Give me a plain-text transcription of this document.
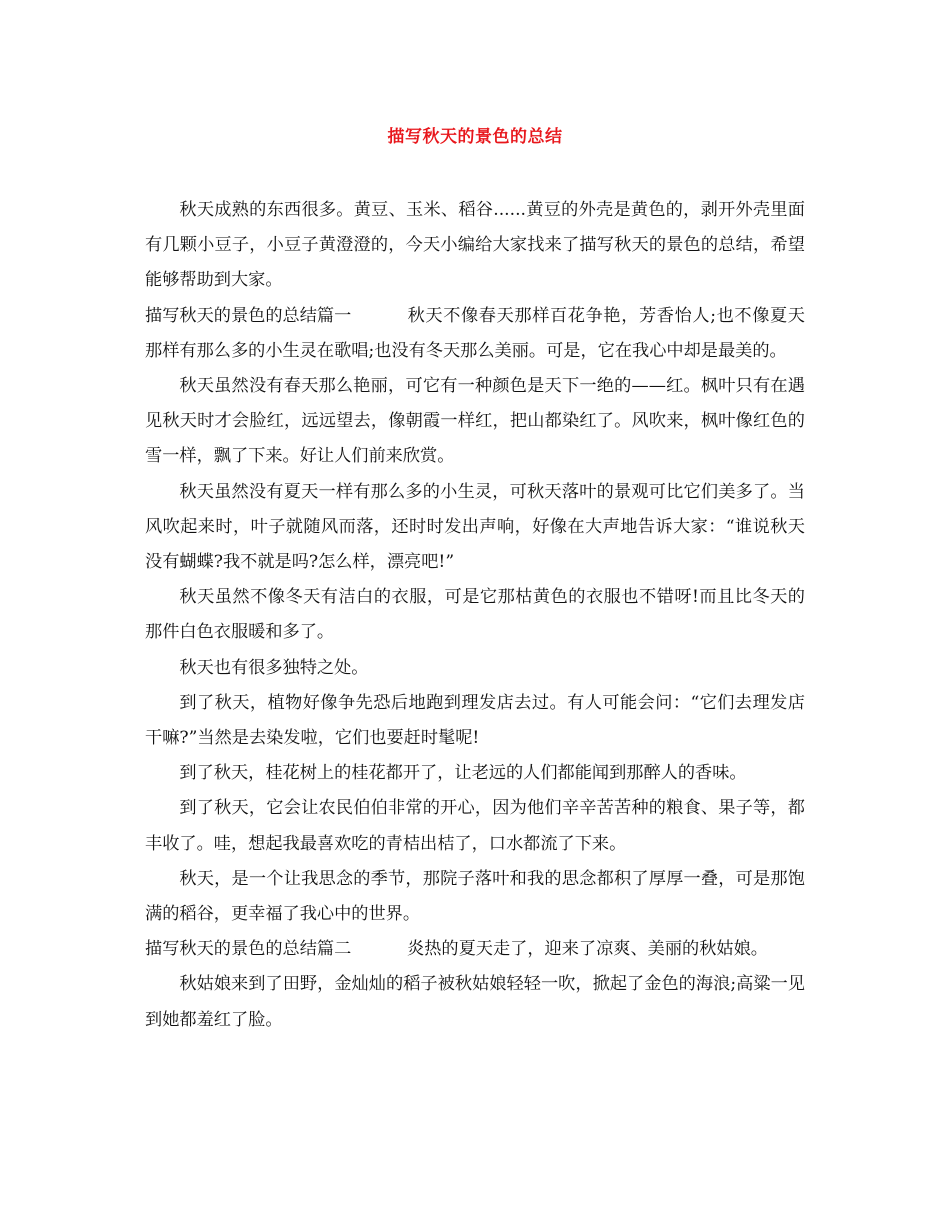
描写秋天的景色的总结

秋天成熟的东西很多。黄豆、玉米、稻谷......黄豆的外壳是黄色的，剥开外壳里面有几颗小豆子，小豆子黄澄澄的，今天小编给大家找来了描写秋天的景色的总结，希望能够帮助到大家。

描写秋天的景色的总结篇一	秋天不像春天那样百花争艳，芳香怡人;也不像夏天那样有那么多的小生灵在歌唱;也没有冬天那么美丽。可是，它在我心中却是最美的。

秋天虽然没有春天那么艳丽，可它有一种颜色是天下一绝的——红。枫叶只有在遇见秋天时才会脸红，远远望去，像朝霞一样红，把山都染红了。风吹来，枫叶像红色的雪一样，飘了下来。好让人们前来欣赏。

秋天虽然没有夏天一样有那么多的小生灵，可秋天落叶的景观可比它们美多了。当风吹起来时，叶子就随风而落，还时时发出声响，好像在大声地告诉大家：“谁说秋天没有蝴蝶?我不就是吗?怎么样，漂亮吧!”

秋天虽然不像冬天有洁白的衣服，可是它那枯黄色的衣服也不错呀!而且比冬天的那件白色衣服暖和多了。

秋天也有很多独特之处。

到了秋天，植物好像争先恐后地跑到理发店去过。有人可能会问：“它们去理发店干嘛?”当然是去染发啦，它们也要赶时髦呢!

到了秋天，桂花树上的桂花都开了，让老远的人们都能闻到那醉人的香味。

到了秋天，它会让农民伯伯非常的开心，因为他们辛辛苦苦种的粮食、果子等，都丰收了。哇，想起我最喜欢吃的青桔出桔了，口水都流了下来。

秋天，是一个让我思念的季节，那院子落叶和我的思念都积了厚厚一叠，可是那饱满的稻谷，更幸福了我心中的世界。

描写秋天的景色的总结篇二	炎热的夏天走了，迎来了凉爽、美丽的秋姑娘。

秋姑娘来到了田野，金灿灿的稻子被秋姑娘轻轻一吹，掀起了金色的海浪;高粱一见到她都羞红了脸。
